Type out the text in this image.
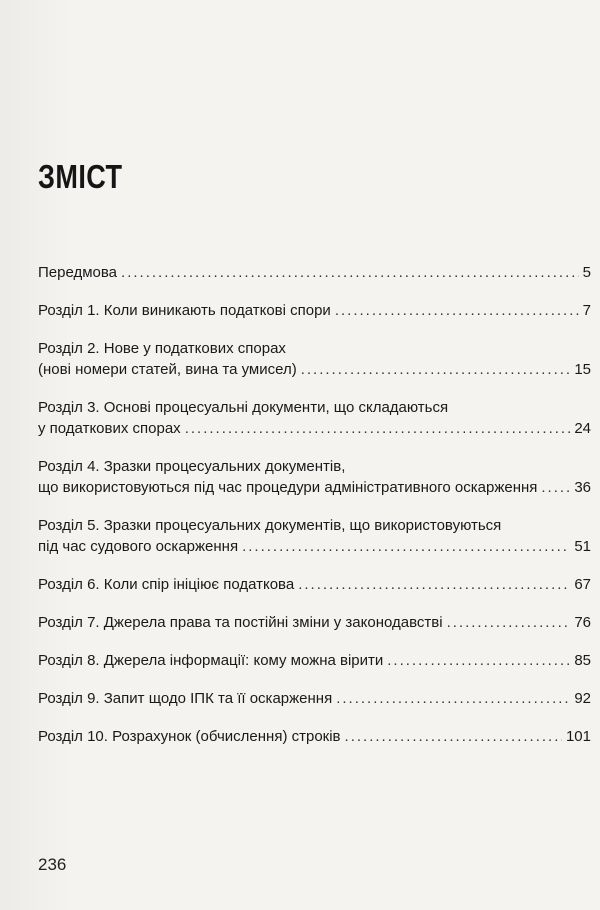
ЗМІСТ
Передмова .....	5
Розділ 1. Коли виникають податкові спори .....	7
Розділ 2. Нове у податкових спорах
(нові номери статей, вина та умисел) .....	15
Розділ 3. Основі процесуальні документи, що складаються
у податкових спорах .....	24
Розділ 4. Зразки процесуальних документів,
що використовуються під час процедури адміністративного оскарження ..... 36
Розділ 5. Зразки процесуальних документів, що використовуються
під час судового оскарження .....	51
Розділ 6. Коли спір ініціює податкова .....	67
Розділ 7. Джерела права та постійні зміни у законодавстві .....	76
Розділ 8. Джерела інформації: кому можна вірити .....	85
Розділ 9. Запит щодо ІПК та її оскарження .....	92
Розділ 10. Розрахунок (обчислення) строків .....	101
236
